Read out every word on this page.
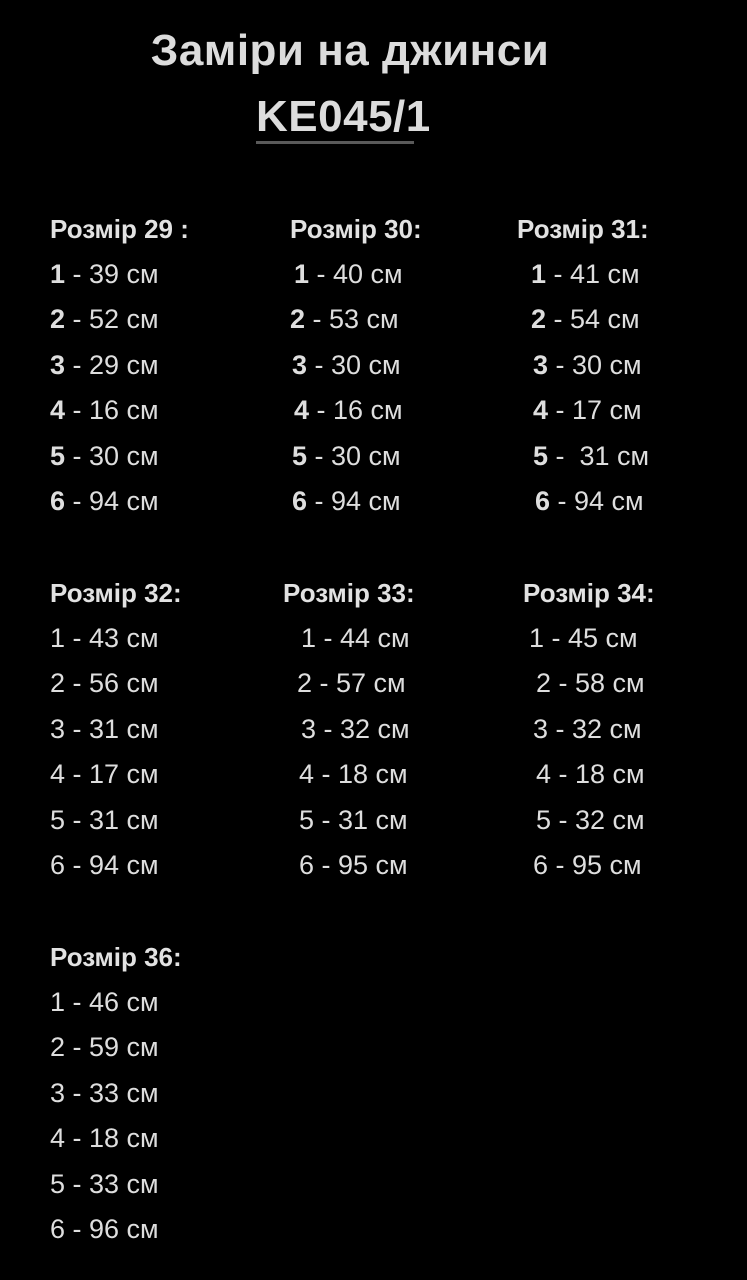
Заміри на джинси
KE045/1
Розмір 29 :
1 - 39 см
2 - 52 см
3 - 29 см
4 - 16 см
5 - 30 см
6 - 94 см
Розмір 30:
1 - 40 см
2 - 53 см
3 - 30 см
4 - 16 см
5 - 30 см
6 - 94 см
Розмір 31:
1 - 41 см
2 - 54 см
3 - 30 см
4 - 17 см
5 -  31 см
6 - 94 см
Розмір 32:
1 - 43 см
2 - 56 см
3 - 31 см
4 - 17 см
5 - 31 см
6 - 94 см
Розмір 33:
1 - 44 см
2 - 57 см
3 - 32 см
4 - 18 см
5 - 31 см
6 - 95 см
Розмір 34:
1 - 45 см
2 - 58 см
3 - 32 см
4 - 18 см
5 - 32 см
6 - 95 см
Розмір 36:
1 - 46 см
2 - 59 см
3 - 33 см
4 - 18 см
5 - 33 см
6 - 96 см
